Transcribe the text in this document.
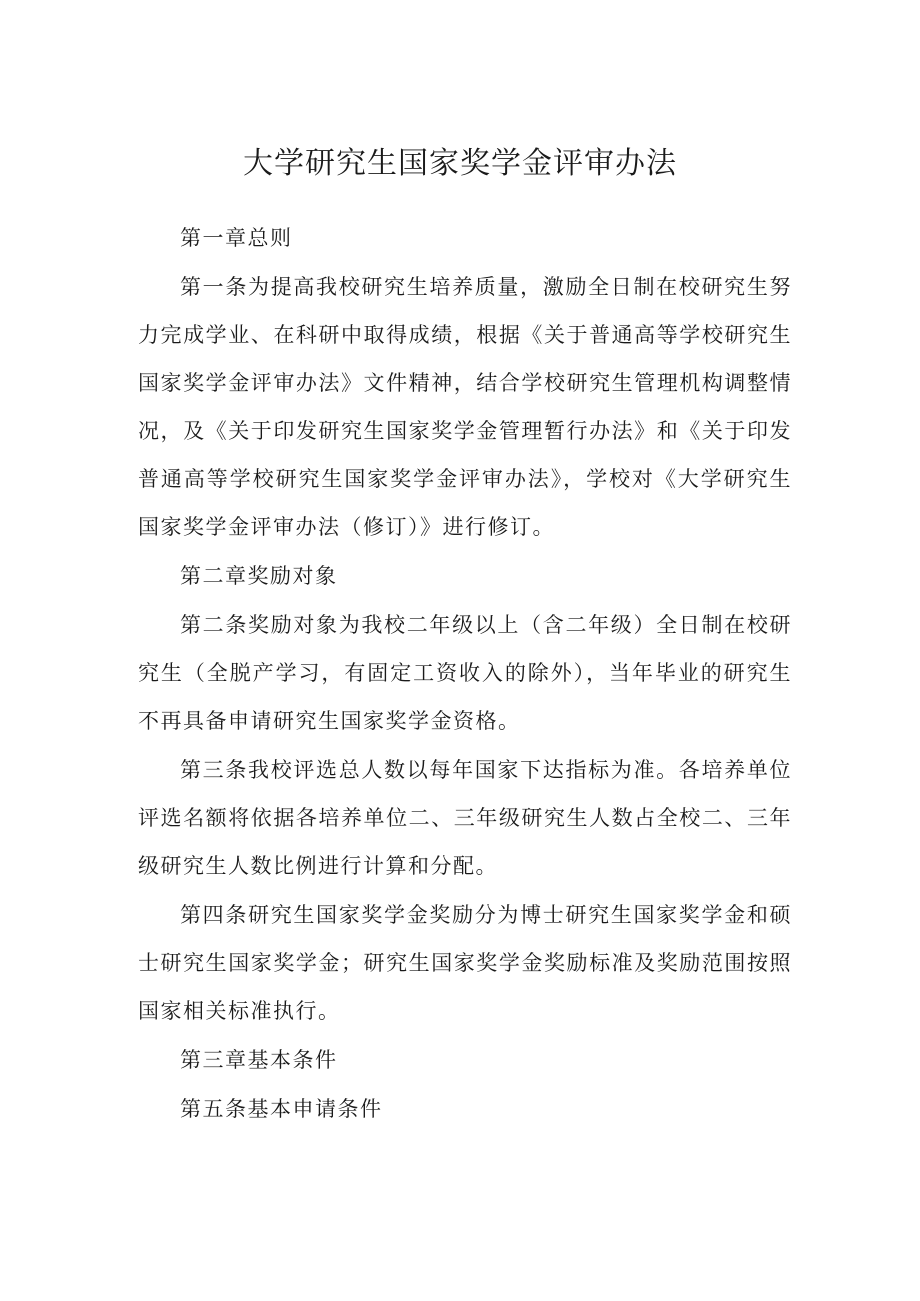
大学研究生国家奖学金评审办法

第一章总则

第一条为提高我校研究生培养质量，激励全日制在校研究生努力完成学业、在科研中取得成绩，根据《关于普通高等学校研究生国家奖学金评审办法》文件精神，结合学校研究生管理机构调整情况，及《关于印发研究生国家奖学金管理暂行办法》和《关于印发普通高等学校研究生国家奖学金评审办法》，学校对《大学研究生国家奖学金评审办法（修订）》进行修订。

第二章奖励对象

第二条奖励对象为我校二年级以上（含二年级）全日制在校研究生（全脱产学习，有固定工资收入的除外），当年毕业的研究生不再具备申请研究生国家奖学金资格。

第三条我校评选总人数以每年国家下达指标为准。各培养单位评选名额将依据各培养单位二、三年级研究生人数占全校二、三年级研究生人数比例进行计算和分配。

第四条研究生国家奖学金奖励分为博士研究生国家奖学金和硕士研究生国家奖学金；研究生国家奖学金奖励标准及奖励范围按照国家相关标准执行。

第三章基本条件

第五条基本申请条件
